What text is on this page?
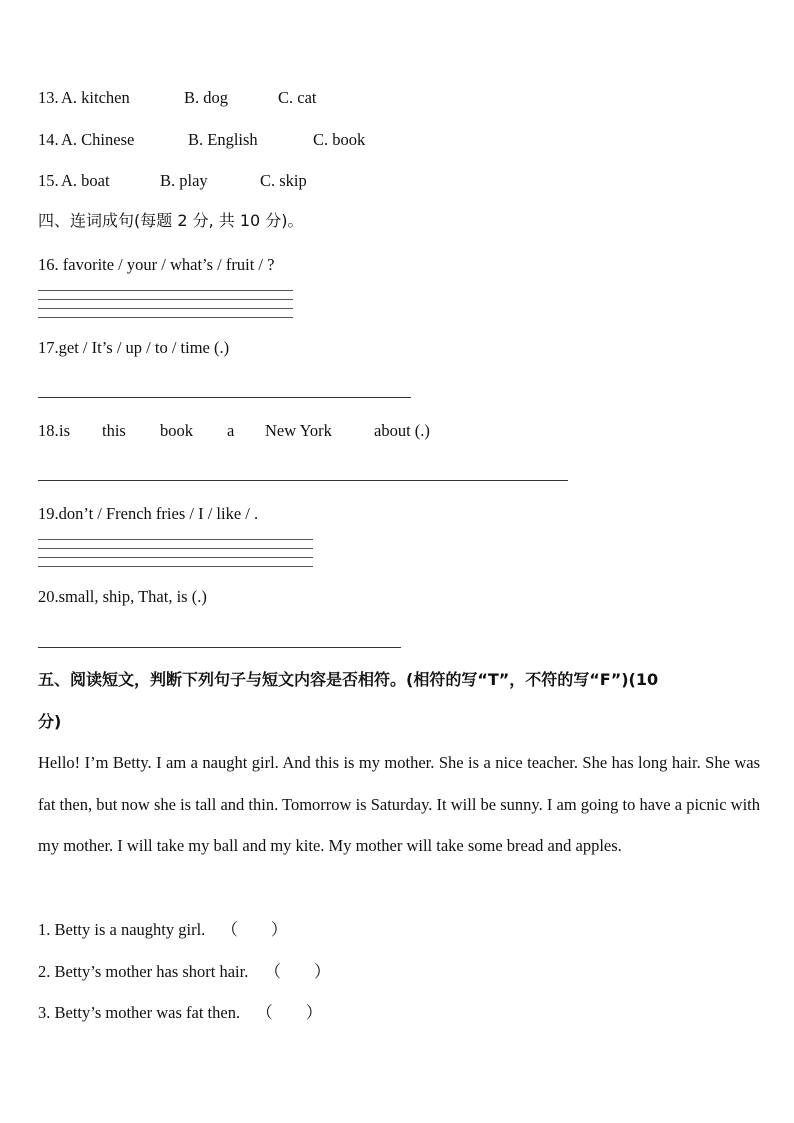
13. A. kitchen	B. dog	C. cat
14. A. Chinese	B. English	C. book
15. A. boat	B. play	C. skip
四、连词成句(每题 2 分, 共 10 分)。
16. favorite / your / what’s / fruit / ?
17.get / It’s / up / to / time (.)
18. is this book a New York	about (.)
19.don’t / French fries / I / like / .
20.small, ship, That, is (.)
五、阅读短文，判断下列句子与短文内容是否相符。(相符的写“T”，不符的写“F”)(10
分)
Hello! I’m Betty. I am a naught girl. And this is my mother. She is a nice teacher. She has long hair. She was fat then, but now she is tall and thin. Tomorrow is Saturday. It will be sunny. I am going to have a picnic with my mother. I will take my ball and my kite. My mother will take some bread and apples.
1. Betty is a naughty girl. （　　）
2. Betty’s mother has short hair. （　　）
3. Betty’s mother was fat then. （　　）
